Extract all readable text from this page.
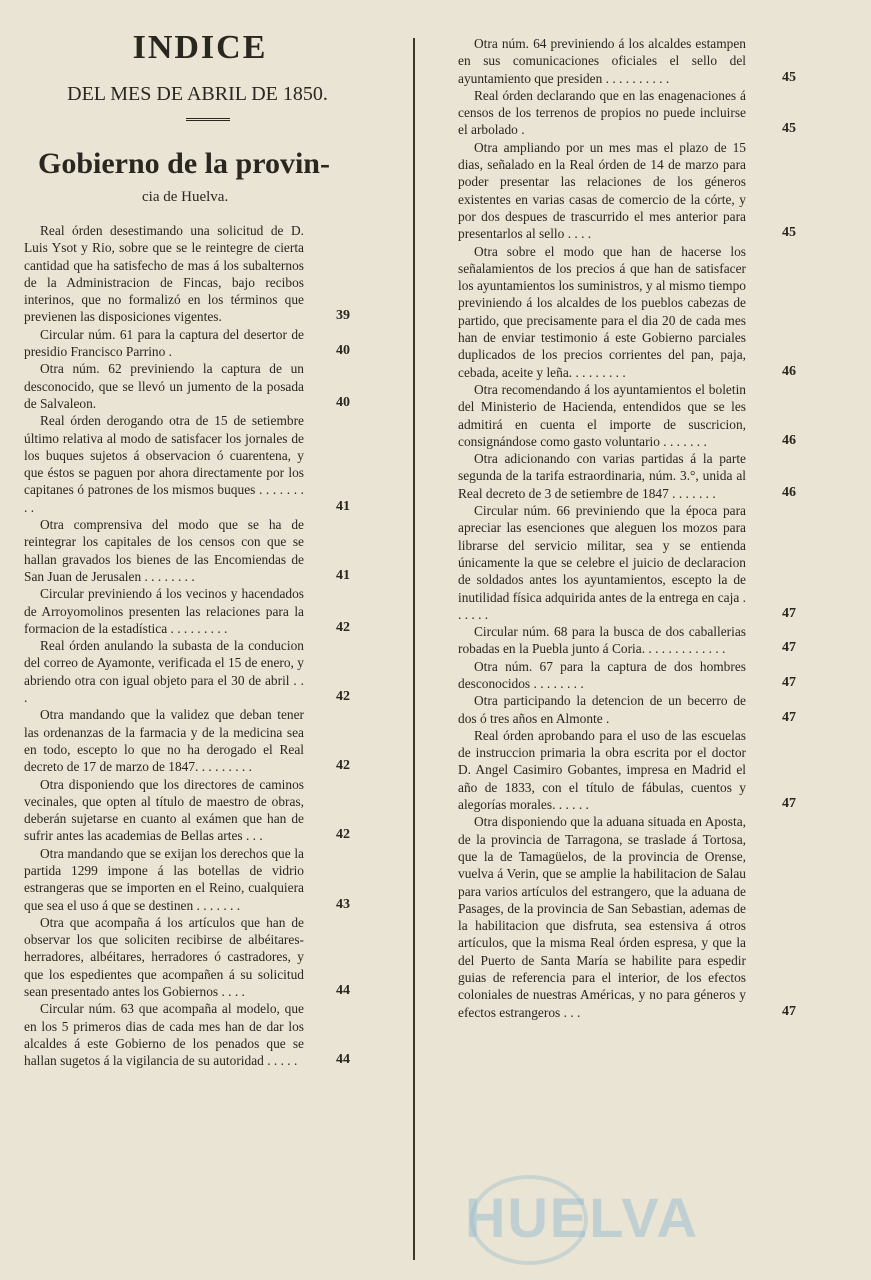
INDICE
DEL MES DE ABRIL DE 1850.
Gobierno de la provin-
cia de Huelva.

Real órden desestimando una solicitud de D. Luis Ysot y Rio, sobre que se le reintegre de cierta cantidad que ha satisfecho de mas á los subalternos de la Administracion de Fincas, bajo recibos interinos, que no formalizó en los términos que previenen las disposiciones vigentes.	39

Circular núm. 61 para la captura del desertor de presidio Francisco Parrino .	40

Otra núm. 62 previniendo la captura de un desconocido, que se llevó un jumento de la posada de Salvaleon.	40

Real órden derogando otra de 15 de setiembre último relativa al modo de satisfacer los jornales de los buques sujetos á observacion ó cuarentena, y que éstos se paguen por ahora directamente por los capitanes ó patrones de los mismos buques . . . . . . . . .	41

Otra comprensiva del modo que se ha de reintegrar los capitales de los censos con que se hallan gravados los bienes de las Encomiendas de San Juan de Jerusalen . . . . . . . .	41

Circular previniendo á los vecinos y hacendados de Arroyomolinos presenten las relaciones para la formacion de la estadística . . . . . . . . .	42

Real órden anulando la subasta de la conducion del correo de Ayamonte, verificada el 15 de enero, y abriendo otra con igual objeto para el 30 de abril . . .	42

Otra mandando que la validez que deban tener las ordenanzas de la farmacia y de la medicina sea en todo, escepto lo que no ha derogado el Real decreto de 17 de marzo de 1847. . . . . . . . .	42

Otra disponiendo que los directores de caminos vecinales, que opten al título de maestro de obras, deberán sujetarse en cuanto al exámen que han de sufrir antes las academias de Bellas artes . . .	42

Otra mandando que se exijan los derechos que la partida 1299 impone á las botellas de vidrio estrangeras que se importen en el Reino, cualquiera que sea el uso á que se destinen . . . . . . .	43

Otra que acompaña á los artículos que han de observar los que soliciten recibirse de albéitares-herradores, albéitares, herradores ó castradores, y que los espedientes que acompañen á su solicitud sean presentado antes los Gobiernos . . . .	44

Circular núm. 63 que acompaña al modelo, que en los 5 primeros dias de cada mes han de dar los alcaldes á este Gobierno de los penados que se hallan sugetos á la vigilancia de su autoridad . . . . .	44

Otra núm. 64 previniendo á los alcaldes estampen en sus comunicaciones oficiales el sello del ayuntamiento que presiden . . . . . . . . . .	45

Real órden declarando que en las enagenaciones á censos de los terrenos de propios no puede incluirse el arbolado .	45

Otra ampliando por un mes mas el plazo de 15 dias, señalado en la Real órden de 14 de marzo para poder presentar las relaciones de los géneros existentes en varias casas de comercio de la córte, y por dos despues de trascurrido el mes anterior para presentarlos al sello . . . .	45

Otra sobre el modo que han de hacerse los señalamientos de los precios á que han de satisfacer los ayuntamientos los suministros, y al mismo tiempo previniendo á los alcaldes de los pueblos cabezas de partido, que precisamente para el dia 20 de cada mes han de enviar testimonio á este Gobierno parciales duplicados de los precios corrientes del pan, paja, cebada, aceite y leña. . . . . . . . .	46

Otra recomendando á los ayuntamientos el boletin del Ministerio de Hacienda, entendidos que se les admitirá en cuenta el importe de suscricion, consignándose como gasto voluntario . . . . . . .	46

Otra adicionando con varias partidas á la parte segunda de la tarifa estraordinaria, núm. 3.°, unida al Real decreto de 3 de setiembre de 1847 . . . . . . .	46

Circular núm. 66 previniendo que la época para apreciar las esenciones que aleguen los mozos para librarse del servicio militar, sea y se entienda únicamente la que se celebre el juicio de declaracion de soldados antes los ayuntamientos, escepto la de inutilidad física adquirida antes de la entrega en caja . . . . . .	47

Circular núm. 68 para la busca de dos caballerias robadas en la Puebla junto á Coria. . . . . . . . . . . . .	47

Otra núm. 67 para la captura de dos hombres desconocidos . . . . . . . .	47

Otra participando la detencion de un becerro de dos ó tres años en Almonte .	47

Real órden aprobando para el uso de las escuelas de instruccion primaria la obra escrita por el doctor D. Angel Casimiro Gobantes, impresa en Madrid el año de 1833, con el título de fábulas, cuentos y alegorías morales. . . . . .	47

Otra disponiendo que la aduana situada en Aposta, de la provincia de Tarragona, se traslade á Tortosa, que la de Tamagüelos, de la provincia de Orense, vuelva á Verin, que se amplie la habilitacion de Salau para varios artículos del estrangero, que la aduana de Pasages, de la provincia de San Sebastian, ademas de la habilitacion que disfruta, sea estensiva á otros artículos, que la misma Real órden espresa, y que la del Puerto de Santa María se habilite para espedir guias de referencia para el interior, de los efectos coloniales de nuestras Américas, y no para géneros y efectos estrangeros . . .	47

HUELVA
